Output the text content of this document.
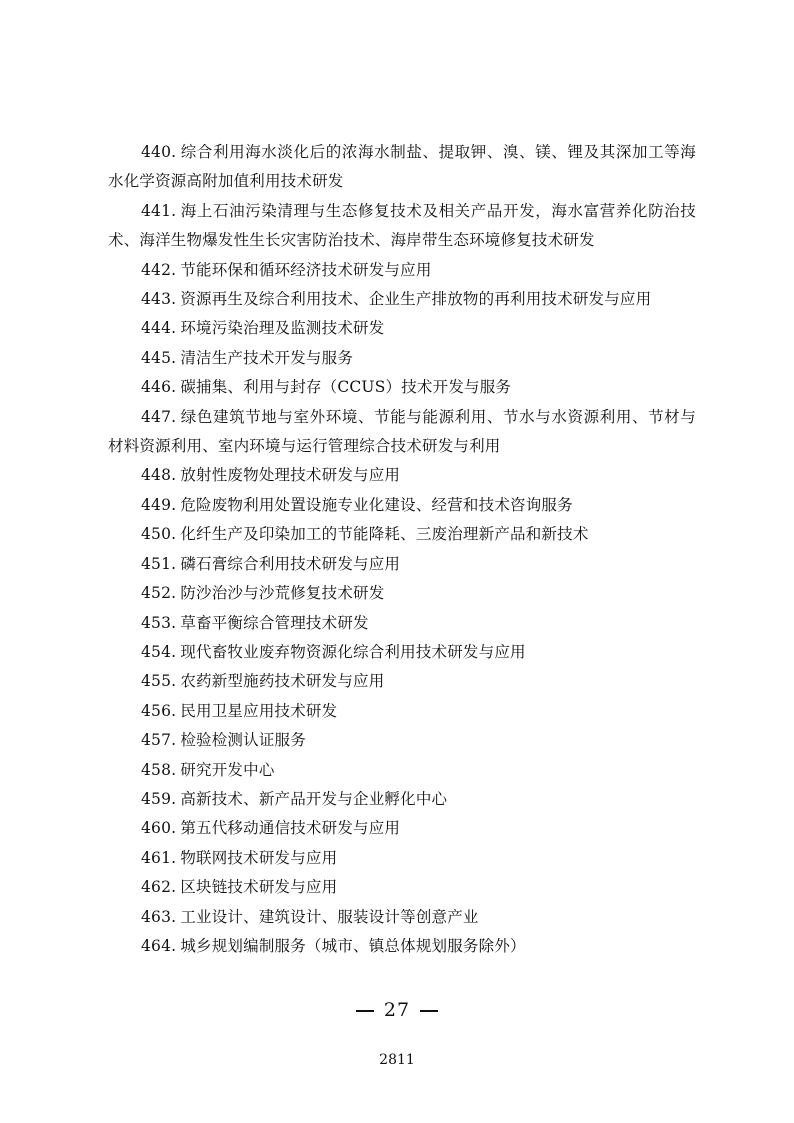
440. 综合利用海水淡化后的浓海水制盐、提取钾、溴、镁、锂及其深加工等海水化学资源高附加值利用技术研发

441. 海上石油污染清理与生态修复技术及相关产品开发，海水富营养化防治技术、海洋生物爆发性生长灾害防治技术、海岸带生态环境修复技术研发

442. 节能环保和循环经济技术研发与应用

443. 资源再生及综合利用技术、企业生产排放物的再利用技术研发与应用

444. 环境污染治理及监测技术研发

445. 清洁生产技术开发与服务

446. 碳捕集、利用与封存（CCUS）技术开发与服务

447. 绿色建筑节地与室外环境、节能与能源利用、节水与水资源利用、节材与材料资源利用、室内环境与运行管理综合技术研发与利用

448. 放射性废物处理技术研发与应用

449. 危险废物利用处置设施专业化建设、经营和技术咨询服务

450. 化纤生产及印染加工的节能降耗、三废治理新产品和新技术

451. 磷石膏综合利用技术研发与应用

452. 防沙治沙与沙荒修复技术研发

453. 草畜平衡综合管理技术研发

454. 现代畜牧业废弃物资源化综合利用技术研发与应用

455. 农药新型施药技术研发与应用

456. 民用卫星应用技术研发

457. 检验检测认证服务

458. 研究开发中心

459. 高新技术、新产品开发与企业孵化中心

460. 第五代移动通信技术研发与应用

461. 物联网技术研发与应用

462. 区块链技术研发与应用

463. 工业设计、建筑设计、服装设计等创意产业

464. 城乡规划编制服务（城市、镇总体规划服务除外）

27
2811
